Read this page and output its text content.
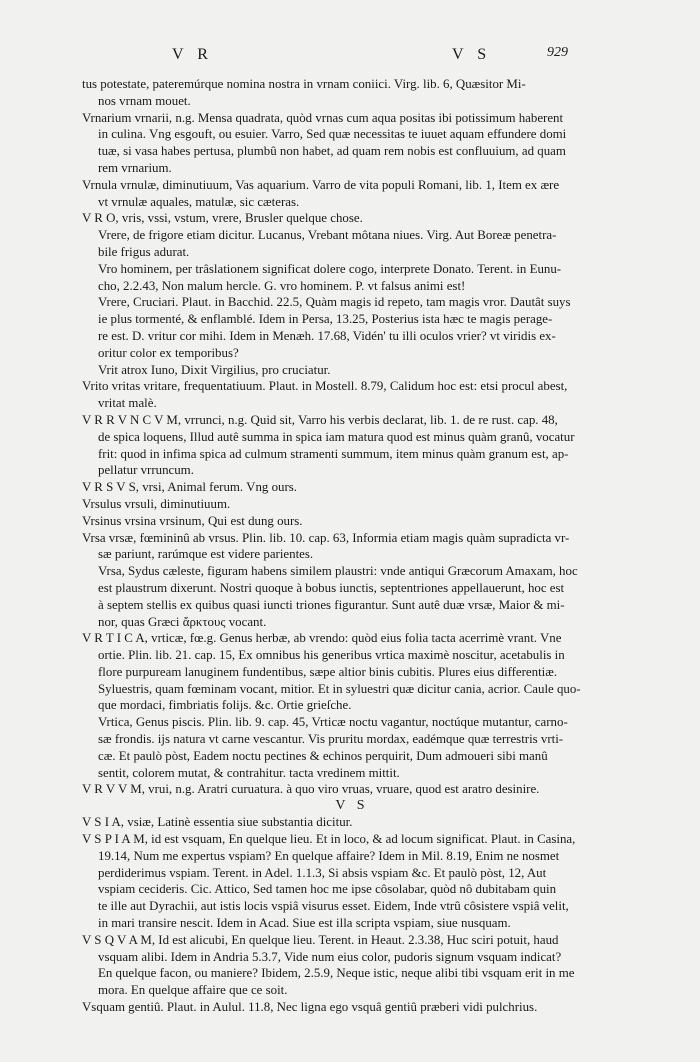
V R	V S	929
tus potestate, pateremúrque nomina nostra in vrnam coniici. Virg. lib. 6, Quæsitor Mi-
nos vrnam mouet.
Vrnarium vrnarii, n.g. Mensa quadrata, quòd vrnas cum aqua positas ibi potissimum haberent
in culina. Vng esgouft, ou esuier. Varro, Sed quæ necessitas te iuuet aquam effundere domi
tuæ, si vasa habes pertusa, plumbû non habet, ad quam rem nobis est confluuium, ad quam
rem vrnarium.
Vrnula vrnulæ, diminutiuum, Vas aquarium. Varro de vita populi Romani, lib. 1, Item ex ære
vt vrnulæ aquales, matulæ, sic cæteras.
V R O, vris, vssi, vstum, vrere, Brusler quelque chose.
Vrere, de frigore etiam dicitur. Lucanus, Vrebant môtana niues. Virg. Aut Boreæ penetra-
bile frigus adurat.
Vro hominem, per trâslationem significat dolere cogo, interprete Donato. Terent. in Eunu-
cho, 2.2.43, Non malum hercle. G. vro hominem. P. vt falsus animi est!
Vrere, Cruciari. Plaut. in Bacchid. 22.5, Quàm magis id repeto, tam magis vror. Dautât suys
ie plus tormenté, & enflamblé. Idem in Persa, 13.25, Posterius ista hæc te magis perage-
re est. D. vritur cor mihi. Idem in Menæh. 17.68, Vidén' tu illi oculos vrier? vt viridis ex-
oritur color ex temporibus?
Vrit atrox Iuno, Dixit Virgilius, pro cruciatur.
Vrito vritas vritare, frequentatiuum. Plaut. in Mostell. 8.79, Calidum hoc est: etsi procul abest,
vritat malè.
V R R V N C V M, vrrunci, n.g. Quid sit, Varro his verbis declarat, lib. 1. de re rust. cap. 48,
de spica loquens, Illud autê summa in spica iam matura quod est minus quàm granû, vocatur
frit: quod in infima spica ad culmum stramenti summum, item minus quàm granum est, ap-
pellatur vrruncum.
V R S V S, vrsi, Animal ferum. Vng ours.
Vrsulus vrsuli, diminutiuum.
Vrsinus vrsina vrsinum, Qui est dung ours.
Vrsa vrsæ, fœmininû ab vrsus. Plin. lib. 10. cap. 63, Informia etiam magis quàm supradicta vr-
sæ pariunt, rarúmque est videre parientes.
Vrsa, Sydus cæleste, figuram habens similem plaustri: vnde antiqui Græcorum Amaxam, hoc
est plaustrum dixerunt. Nostri quoque à bobus iunctis, septentriones appellauerunt, hoc est
à septem stellis ex quibus quasi iuncti triones figurantur. Sunt autê duæ vrsæ, Maior & mi-
nor, quas Græci ἄρκτους vocant.
V R T I C A, vrticæ, fœ.g. Genus herbæ, ab vrendo: quòd eius folia tacta acerrimè vrant. Vne
ortie. Plin. lib. 21. cap. 15, Ex omnibus his generibus vrtica maximè noscitur, acetabulis in
flore purpuream lanuginem fundentibus, sæpe altior binis cubitis. Plures eius differentiæ.
Syluestris, quam fœminam vocant, mitior. Et in syluestri quæ dicitur cania, acrior. Caule quo-
que mordaci, fimbriatis folijs. &c. Ortie grieſche.
Vrtica, Genus piscis. Plin. lib. 9. cap. 45, Vrticæ noctu vagantur, noctúque mutantur, carno-
sæ frondis. ijs natura vt carne vescantur. Vis pruritu mordax, eadémque quæ terrestris vrti-
cæ. Et paulò pòst, Eadem noctu pectines & echinos perquirit, Dum admoueri sibi manû
sentit, colorem mutat, & contrahitur. tacta vredinem mittit.
V R V V M, vrui, n.g. Aratri curuatura. à quo viro vruas, vruare, quod est aratro desinire.
V S
V S I A, vsiæ, Latinè essentia siue substantia dicitur.
V S P I A M, id est vsquam, En quelque lieu. Et in loco, & ad locum significat. Plaut. in Casina,
19.14, Num me expertus vspiam? En quelque affaire? Idem in Mil. 8.19, Enim ne nosmet
perdiderimus vspiam. Terent. in Adel. 1.1.3, Si absis vspiam &c. Et paulò pòst, 12, Aut
vspiam cecideris. Cic. Attico, Sed tamen hoc me ipse côsolabar, quòd nô dubitabam quin
te ille aut Dyrachii, aut istis locis vspiâ visurus esset. Eidem, Inde vtrû côsistere vspiâ velit,
in mari transire nescit. Idem in Acad. Siue est illa scripta vspiam, siue nusquam.
V S Q V A M, Id est alicubi, En quelque lieu. Terent. in Heaut. 2.3.38, Huc sciri potuit, haud
vsquam alibi. Idem in Andria 5.3.7, Vide num eius color, pudoris signum vsquam indicat?
En quelque facon, ou maniere? Ibidem, 2.5.9, Neque istic, neque alibi tibi vsquam erit in me
mora. En quelque affaire que ce soit.
Vsquam gentiû. Plaut. in Aulul. 11.8, Nec ligna ego vsquâ gentiû præberi vidi pulchrius.
